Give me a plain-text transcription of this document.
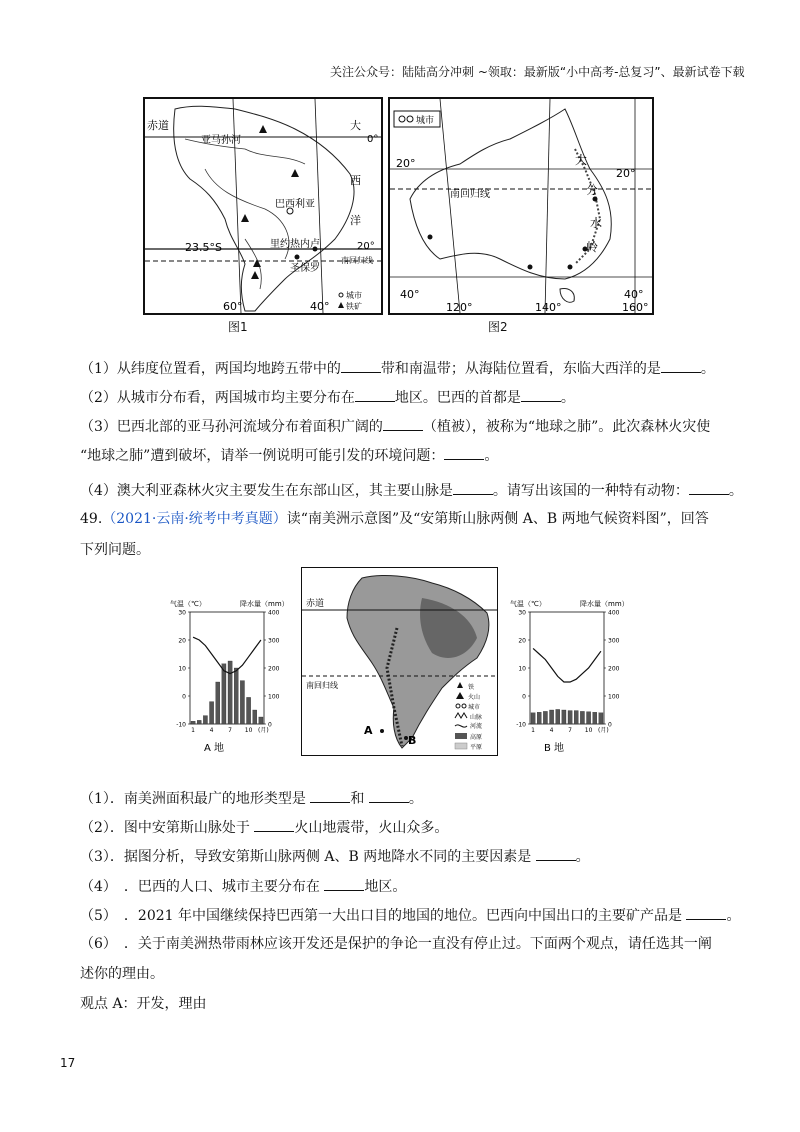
关注公众号：陆陆高分冲刺 ~领取：最新版“小中高考-总复习”、最新试卷下载
赤道
亚马孙河
大
0°
西
洋
巴西利亚
里约热内卢
圣保罗
23.5°S	20°
南回归线
60°	40°
城市
铁矿
图1
城市
20°
20°
南回归线
大
分
水
岭
40°	40°
120°	140°	160°
图2
（1）从纬度位置看，两国均地跨五带中的	带和南温带；从海陆位置看，东临大西洋的是	。
（2）从城市分布看，两国城市均主要分布在	地区。巴西的首都是	。
（3）巴西北部的亚马孙河流域分布着面积广阔的	（植被），被称为“地球之肺”。此次森林火灾使
“地球之肺”遭到破坏，请举一例说明可能引发的环境问题：	。
（4）澳大利亚森林火灾主要发生在东部山区，其主要山脉是	。请写出该国的一种特有动物：	。
49.（2021·云南·统考中考真题）读“南美洲示意图”及“安第斯山脉两侧 A、B 两地气候资料图”，回答
下列问题。
气温（℃）	降水量（mm）
A 地
30
20
10
0
-10
400
300
200
100
0
1 4 7 10 (月)
赤道
南回归线
A
B
铁
火山
城市
山脉
河流
高原
平原
气温（℃）	降水量（mm）
B 地
30
20
10
0
-10
400
300
200
100
0
1 4 7 10 (月)
（1）．南美洲面积最广的地形类型是	和	。
（2）．图中安第斯山脉处于	火山地震带，火山众多。
（3）．据图分析，导致安第斯山脉两侧 A、B 两地降水不同的主要因素是	。
（4）　．巴西的人口、城市主要分布在	地区。
（5）　．2021 年中国继续保持巴西第一大出口目的地国的地位。巴西向中国出口的主要矿产品是	。
（6）　．关于南美洲热带雨林应该开发还是保护的争论一直没有停止过。下面两个观点，请任选其一阐
述你的理由。
观点 A：开发，理由
17
